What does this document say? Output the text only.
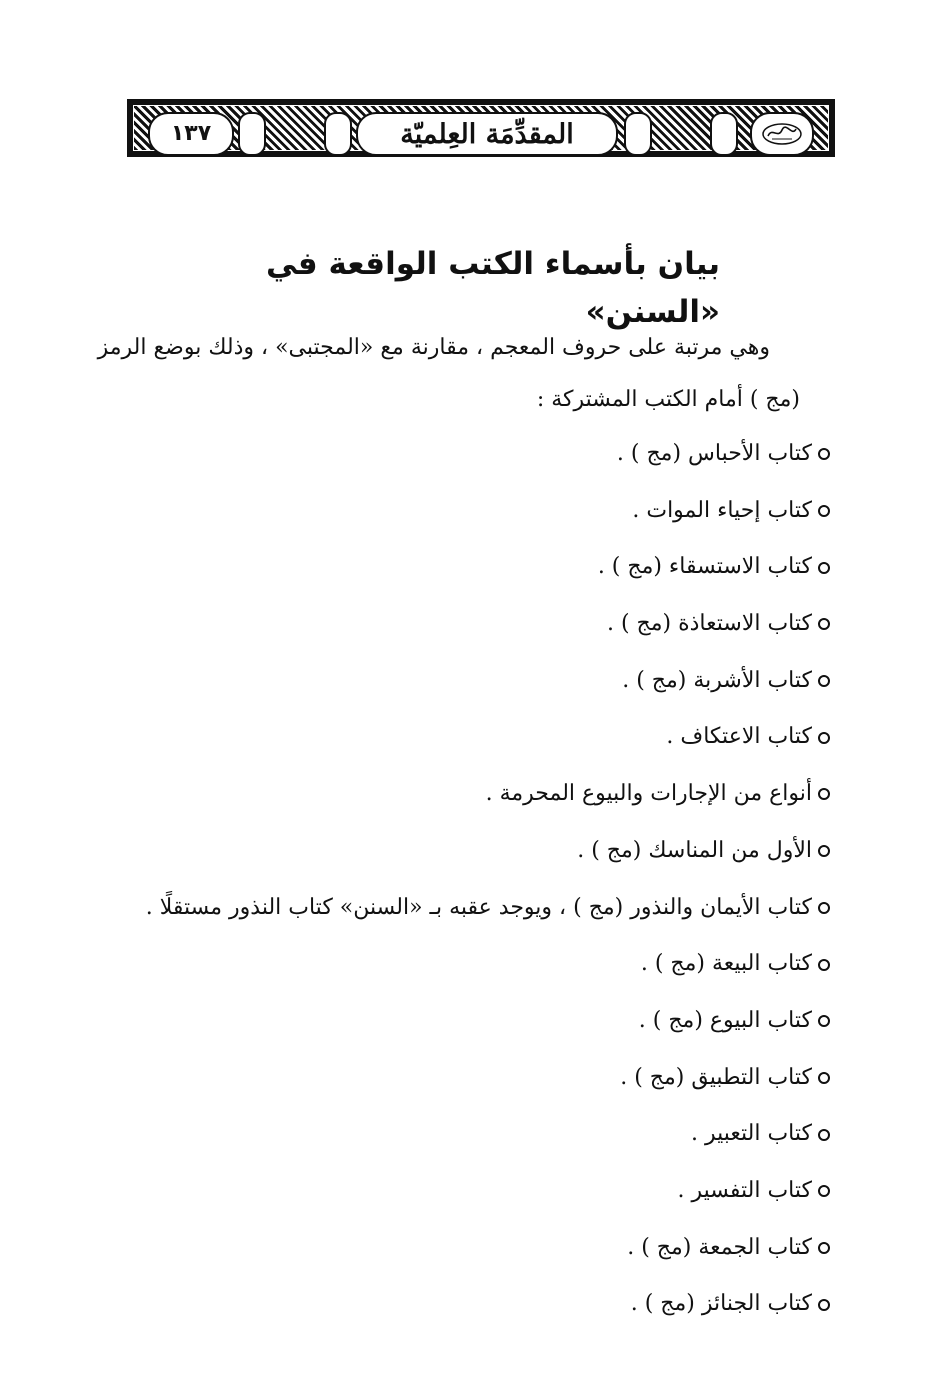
١٣٧	المقدِّمَة العِلميّة
بيان بأسماء الكتب الواقعة في «السنن»

وهي مرتبة على حروف المعجم ، مقارنة مع «المجتبى» ، وذلك بوضع الرمز
(مج ) أمام الكتب المشتركة :

كتاب الأحباس (مج ) .
كتاب إحياء الموات .
كتاب الاستسقاء (مج ) .
كتاب الاستعاذة (مج ) .
كتاب الأشربة (مج ) .
كتاب الاعتكاف .
أنواع من الإجارات والبيوع المحرمة .
الأول من المناسك (مج ) .
كتاب الأيمان والنذور (مج ) ، ويوجد عقبه بـ «السنن» كتاب النذور مستقلًا .
كتاب البيعة (مج ) .
كتاب البيوع (مج ) .
كتاب التطبيق (مج ) .
كتاب التعبير .
كتاب التفسير .
كتاب الجمعة (مج ) .
كتاب الجنائز (مج ) .
